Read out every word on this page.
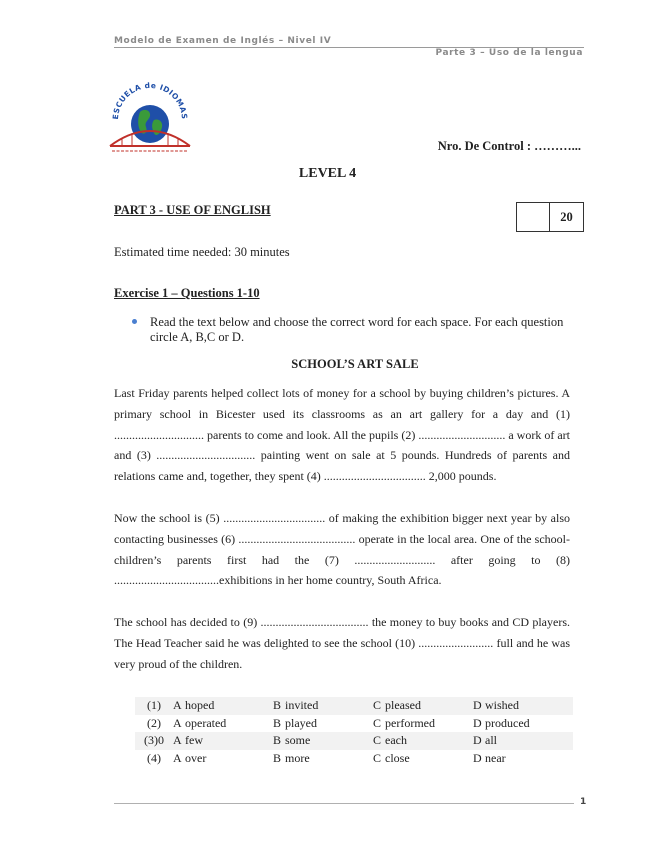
Modelo de Examen de Inglés – Nivel IV
Parte 3 – Uso de la lengua
ESCUELA de IDIOMAS
Nro. De Control : ………...
LEVEL 4
PART 3 - USE OF ENGLISH	20
Estimated time needed: 30 minutes
Exercise 1 – Questions 1-10
Read the text below and choose the correct word for each space. For each question circle A, B,C or D.
SCHOOL’S ART SALE
Last Friday parents helped collect lots of money for a school by buying children’s pictures. A primary school in Bicester used its classrooms as an art gallery for a day and (1) .............................. parents to come and look. All the pupils (2) ............................. a work of art and (3) ................................. painting went on sale at 5 pounds. Hundreds of parents and relations came and, together, they spent (4) .................................. 2,000 pounds.
Now the school is (5) .................................. of making the exhibition bigger next year by also contacting businesses (6) ....................................... operate in the local area. One of the school-children’s parents first had the (7) ........................... after going to (8) ...................................exhibitions in her home country, South Africa.
The school has decided to (9) .................................... the money to buy books and CD players. The Head Teacher said he was delighted to see the school (10) ......................... full and he was very proud of the children.
(1)	A hoped	B invited	C pleased	D wished
(2)	A operated	B played	C performed	D produced
(3)0	A few	B some	C each	D all
(4)	A over	B more	C close	D near
1
